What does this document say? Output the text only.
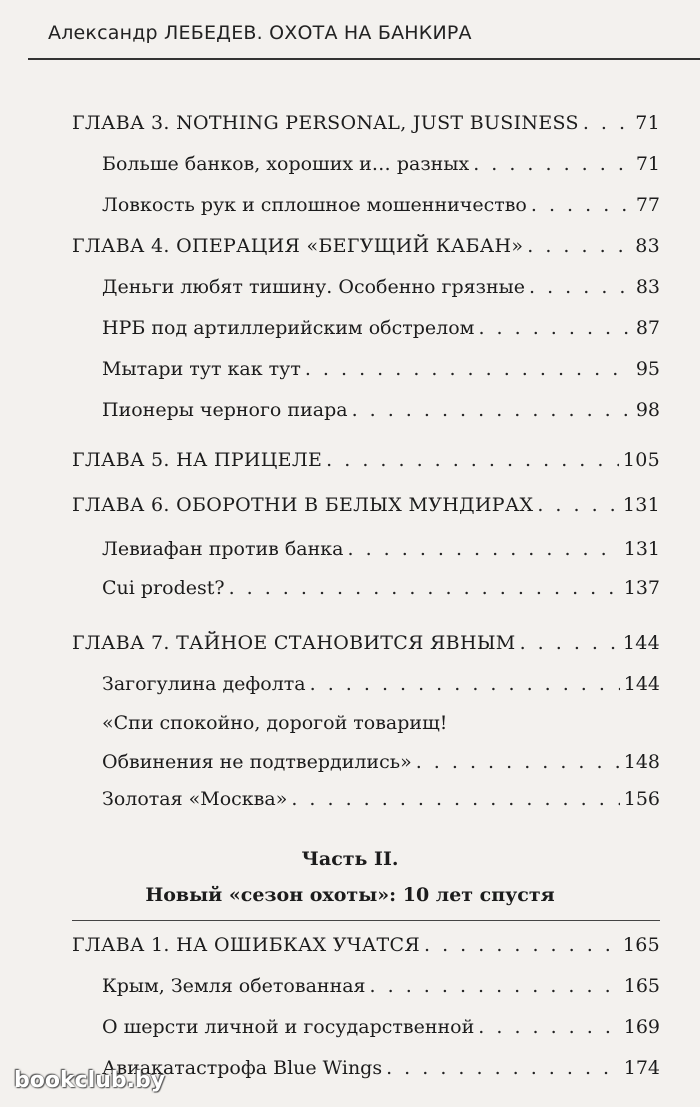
Александр ЛЕБЕДЕВ. ОХОТА НА БАНКИРА
ГЛАВА 3. NOTHING PERSONAL, JUST BUSINESS . . .	71
Больше банков, хороших и… разных . . .	71
Ловкость рук и сплошное мошенничество . . .	77
ГЛАВА 4. ОПЕРАЦИЯ «БЕГУЩИЙ КАБАН» . . .	83
Деньги любят тишину. Особенно грязные . . .	83
НРБ под артиллерийским обстрелом . . .	87
Мытари тут как тут . . .	95
Пионеры черного пиара . . .	98
ГЛАВА 5. НА ПРИЦЕЛЕ . . .	105
ГЛАВА 6. ОБОРОТНИ В БЕЛЫХ МУНДИРАХ . . .	131
Левиафан против банка . . .	131
Cui prodest? . . .	137
ГЛАВА 7. ТАЙНОЕ СТАНОВИТСЯ ЯВНЫМ . . .	144
Загогулина дефолта . . .	144
«Спи спокойно, дорогой товарищ!
Обвинения не подтвердились» . . .	148
Золотая «Москва» . . .	156
Часть II.
Новый «сезон охоты»: 10 лет спустя
ГЛАВА 1. НА ОШИБКАХ УЧАТСЯ . . .	165
Крым, Земля обетованная . . .	165
О шерсти личной и государственной . . .	169
Авиакатастрофа Blue Wings . . .	174
bookclub.by
